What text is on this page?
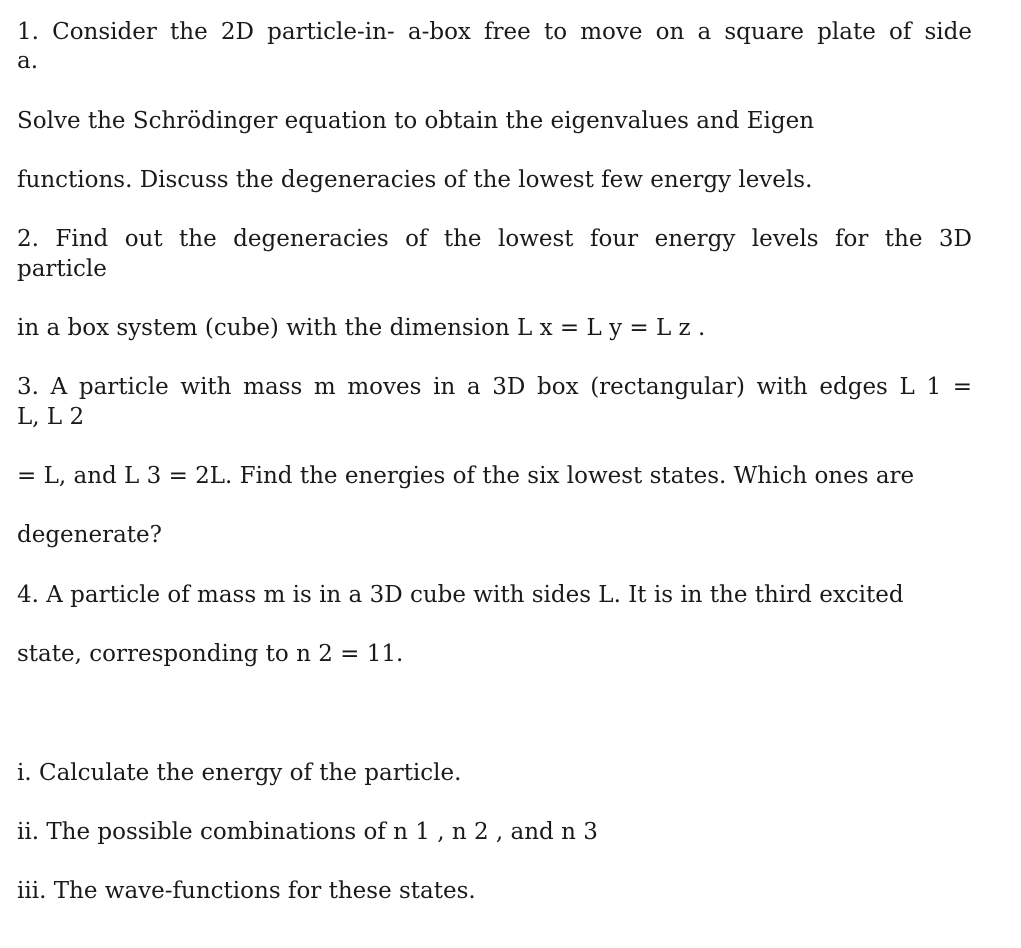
1. Consider the 2D particle-in- a-box free to move on a square plate of side
a.
Solve the Schrödinger equation to obtain the eigenvalues and Eigen
functions. Discuss the degeneracies of the lowest few energy levels.
2. Find out the degeneracies of the lowest four energy levels for the 3D
particle
in a box system (cube) with the dimension L x = L y = L z .
3. A particle with mass m moves in a 3D box (rectangular) with edges L 1 =
L, L 2
= L, and L 3 = 2L. Find the energies of the six lowest states. Which ones are
degenerate?
4. A particle of mass m is in a 3D cube with sides L. It is in the third excited
state, corresponding to n 2 = 11.
i. Calculate the energy of the particle.
ii. The possible combinations of n 1 , n 2 , and n 3
iii. The wave-functions for these states.
